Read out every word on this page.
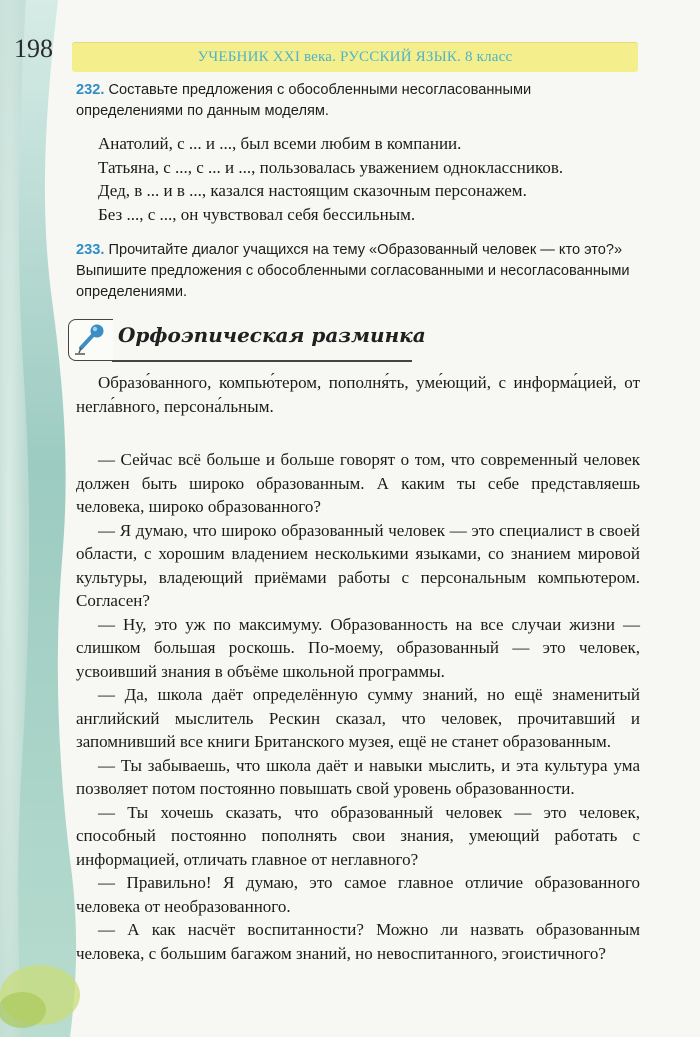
198	УЧЕБНИК XXI века. РУССКИЙ ЯЗЫК. 8 класс
232. Составьте предложения с обособленными несогласованными определениями по данным моделям.

Анатолий, с ... и ..., был всеми любим в компании.

Татьяна, с ..., с ... и ..., пользовалась уважением одноклассников.

Дед, в ... и в ..., казался настоящим сказочным персонажем.

Без ..., с ..., он чувствовал себя бессильным.

233. Прочитайте диалог учащихся на тему «Образованный человек — кто это?» Выпишите предложения с обособленными согласованными и несогласованными определениями.
Орфоэпическая разминка

Образо́ванного, компью́тером, пополня́ть, уме́ющий, с информа́цией, от негла́вного, персона́льным.

— Сейчас всё больше и больше говорят о том, что современный человек должен быть широко образованным. А каким ты себе представляешь человека, широко образованного?

— Я думаю, что широко образованный человек — это специалист в своей области, с хорошим владением несколькими языками, со знанием мировой культуры, владеющий приёмами работы с персональным компьютером. Согласен?

— Ну, это уж по максимуму. Образованность на все случаи жизни — слишком большая роскошь. По-моему, образованный — это человек, усвоивший знания в объёме школьной программы.

— Да, школа даёт определённую сумму знаний, но ещё знаменитый английский мыслитель Рескин сказал, что человек, прочитавший и запомнивший все книги Британского музея, ещё не станет образованным.

— Ты забываешь, что школа даёт и навыки мыслить, и эта культура ума позволяет потом постоянно повышать свой уровень образованности.

— Ты хочешь сказать, что образованный человек — это человек, способный постоянно пополнять свои знания, умеющий работать с информацией, отличать главное от неглавного?

— Правильно! Я думаю, это самое главное отличие образованного человека от необразованного.

— А как насчёт воспитанности? Можно ли назвать образованным человека, с большим багажом знаний, но невоспитанного, эгоистичного?
